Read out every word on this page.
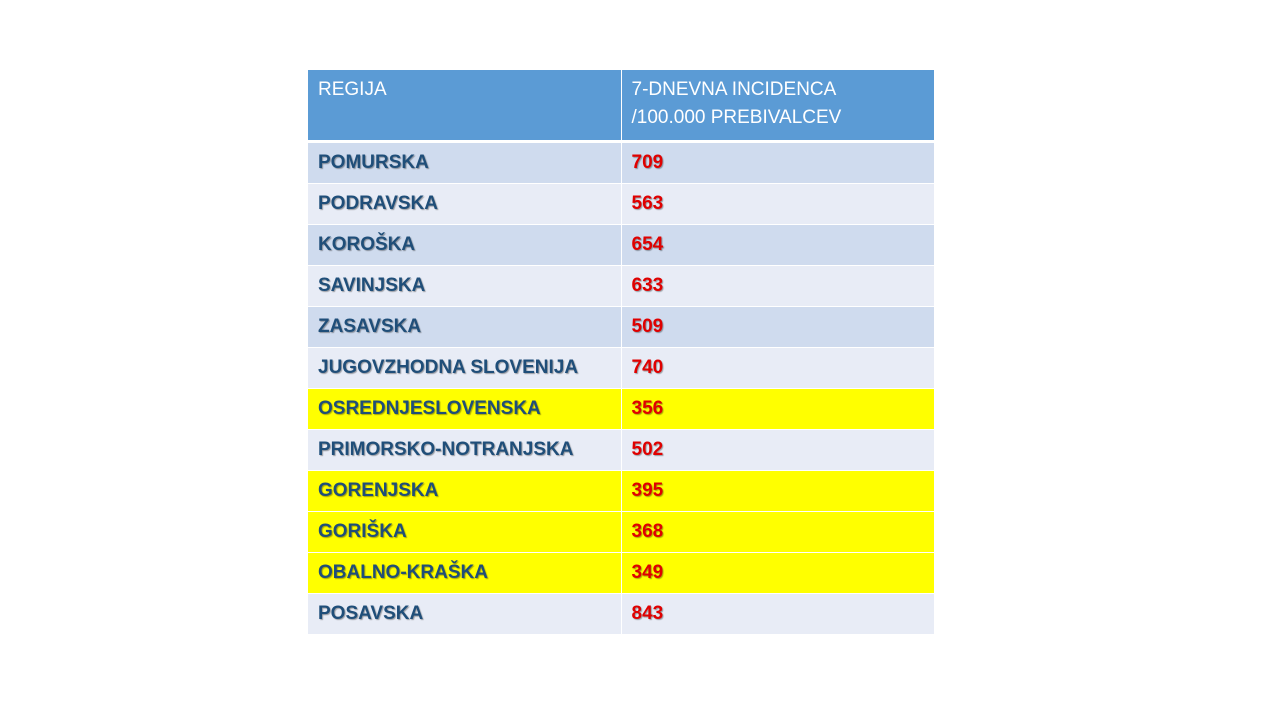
REGIJA	7-DNEVNA INCIDENCA
/100.000 PREBIVALCEV

POMURSKA	709
PODRAVSKA	563
KOROŠKA	654
SAVINJSKA	633
ZASAVSKA	509
JUGOVZHODNA SLOVENIJA	740
OSREDNJESLOVENSKA	356
PRIMORSKO-NOTRANJSKA	502
GORENJSKA	395
GORIŠKA	368
OBALNO-KRAŠKA	349
POSAVSKA	843
